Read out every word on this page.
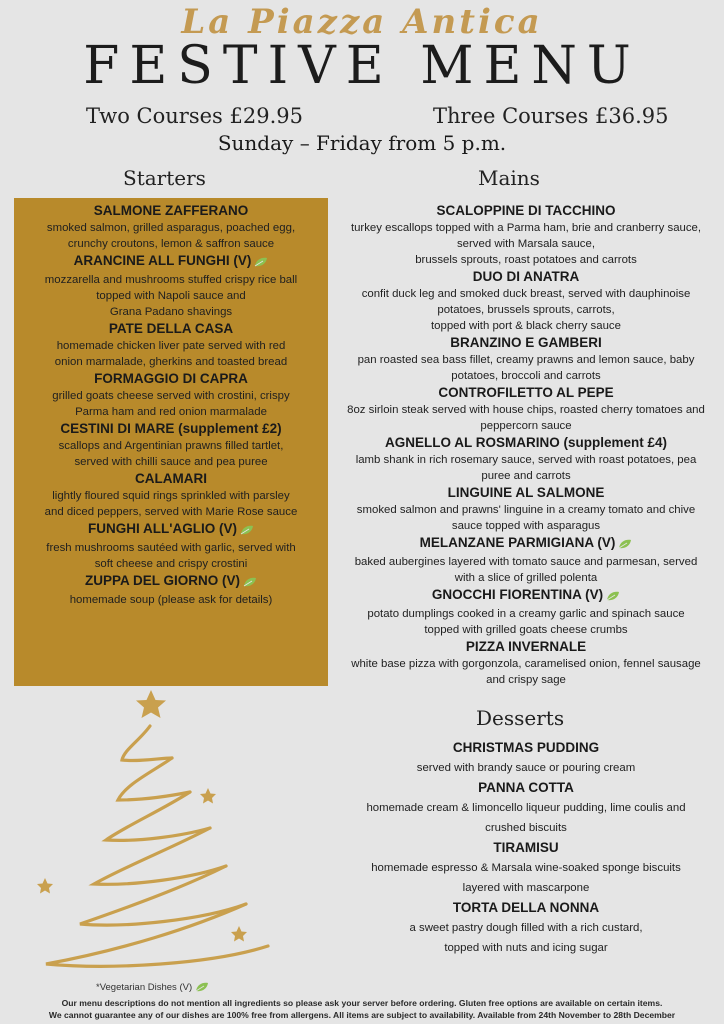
La Piazza Antica
FESTIVE MENU
Two Courses £29.95	Three Courses £36.95
Sunday – Friday from 5 p.m.
Starters
SALMONE ZAFFERANO
smoked salmon, grilled asparagus, poached egg,
crunchy croutons, lemon & saffron sauce
ARANCINE ALL FUNGHI (V)
mozzarella and mushrooms stuffed crispy rice ball
topped with Napoli sauce and
Grana Padano shavings
PATE DELLA CASA
homemade chicken liver pate served with red
onion marmalade, gherkins and toasted bread
FORMAGGIO DI CAPRA
grilled goats cheese served with crostini, crispy
Parma ham and red onion marmalade
CESTINI DI MARE (supplement £2)
scallops and Argentinian prawns filled tartlet,
served with chilli sauce and pea puree
CALAMARI
lightly floured squid rings sprinkled with parsley
and diced peppers, served with Marie Rose sauce
FUNGHI ALL'AGLIO (V)
fresh mushrooms sautéed with garlic, served with
soft cheese and crispy crostini
ZUPPA DEL GIORNO (V)
homemade soup (please ask for details)
Mains
SCALOPPINE DI TACCHINO
turkey escallops topped with a Parma ham, brie and cranberry sauce,
served with Marsala sauce,
brussels sprouts, roast potatoes and carrots
DUO DI ANATRA
confit duck leg and smoked duck breast, served with dauphinoise
potatoes, brussels sprouts, carrots,
topped with port & black cherry sauce
BRANZINO E GAMBERI
pan roasted sea bass fillet, creamy prawns and lemon sauce, baby
potatoes, broccoli and carrots
CONTROFILETTO AL PEPE
8oz sirloin steak served with house chips, roasted cherry tomatoes and
peppercorn sauce
AGNELLO AL ROSMARINO (supplement £4)
lamb shank in rich rosemary sauce, served with roast potatoes, pea
puree and carrots
LINGUINE AL SALMONE
smoked salmon and prawns' linguine in a creamy tomato and chive
sauce topped with asparagus
MELANZANE PARMIGIANA (V)
baked aubergines layered with tomato sauce and parmesan, served
with a slice of grilled polenta
GNOCCHI FIORENTINA (V)
potato dumplings cooked in a creamy garlic and spinach sauce
topped with grilled goats cheese crumbs
PIZZA INVERNALE
white base pizza with gorgonzola, caramelised onion, fennel sausage
and crispy sage
Desserts
CHRISTMAS PUDDING
served with brandy sauce or pouring cream
PANNA COTTA
homemade cream & limoncello liqueur pudding, lime coulis and
crushed biscuits
TIRAMISU
homemade espresso & Marsala wine-soaked sponge biscuits
layered with mascarpone
TORTA DELLA NONNA
a sweet pastry dough filled with a rich custard,
topped with nuts and icing sugar
*Vegetarian Dishes (V)
Our menu descriptions do not mention all ingredients so please ask your server before ordering. Gluten free options are available on certain items.
We cannot guarantee any of our dishes are 100% free from allergens. All items are subject to availability. Available from 24th November to 28th December
